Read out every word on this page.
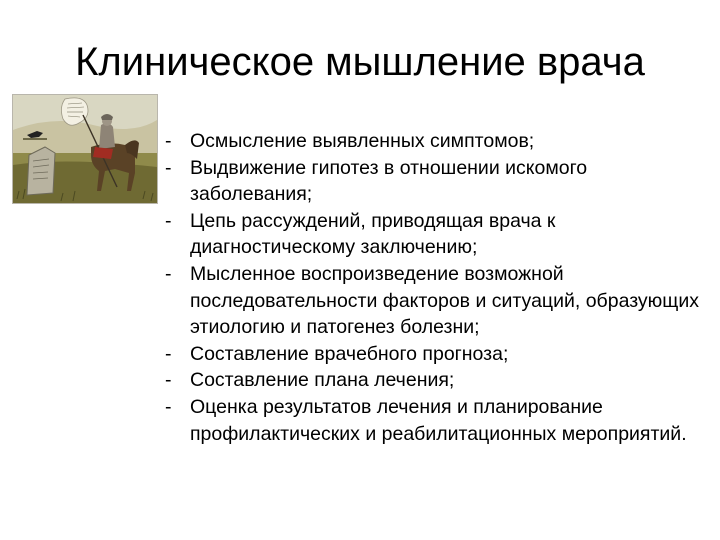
Клиническое мышление врача
- Осмысление выявленных симптомов;
- Выдвижение гипотез в отношении искомого заболевания;
- Цепь рассуждений, приводящая врача к диагностическому заключению;
- Мысленное воспроизведение возможной последовательности факторов и ситуаций, образующих этиологию и патогенез болезни;
- Составление врачебного прогноза;
- Составление плана лечения;
- Оценка результатов лечения и планирование профилактических и реабилитационных мероприятий.
